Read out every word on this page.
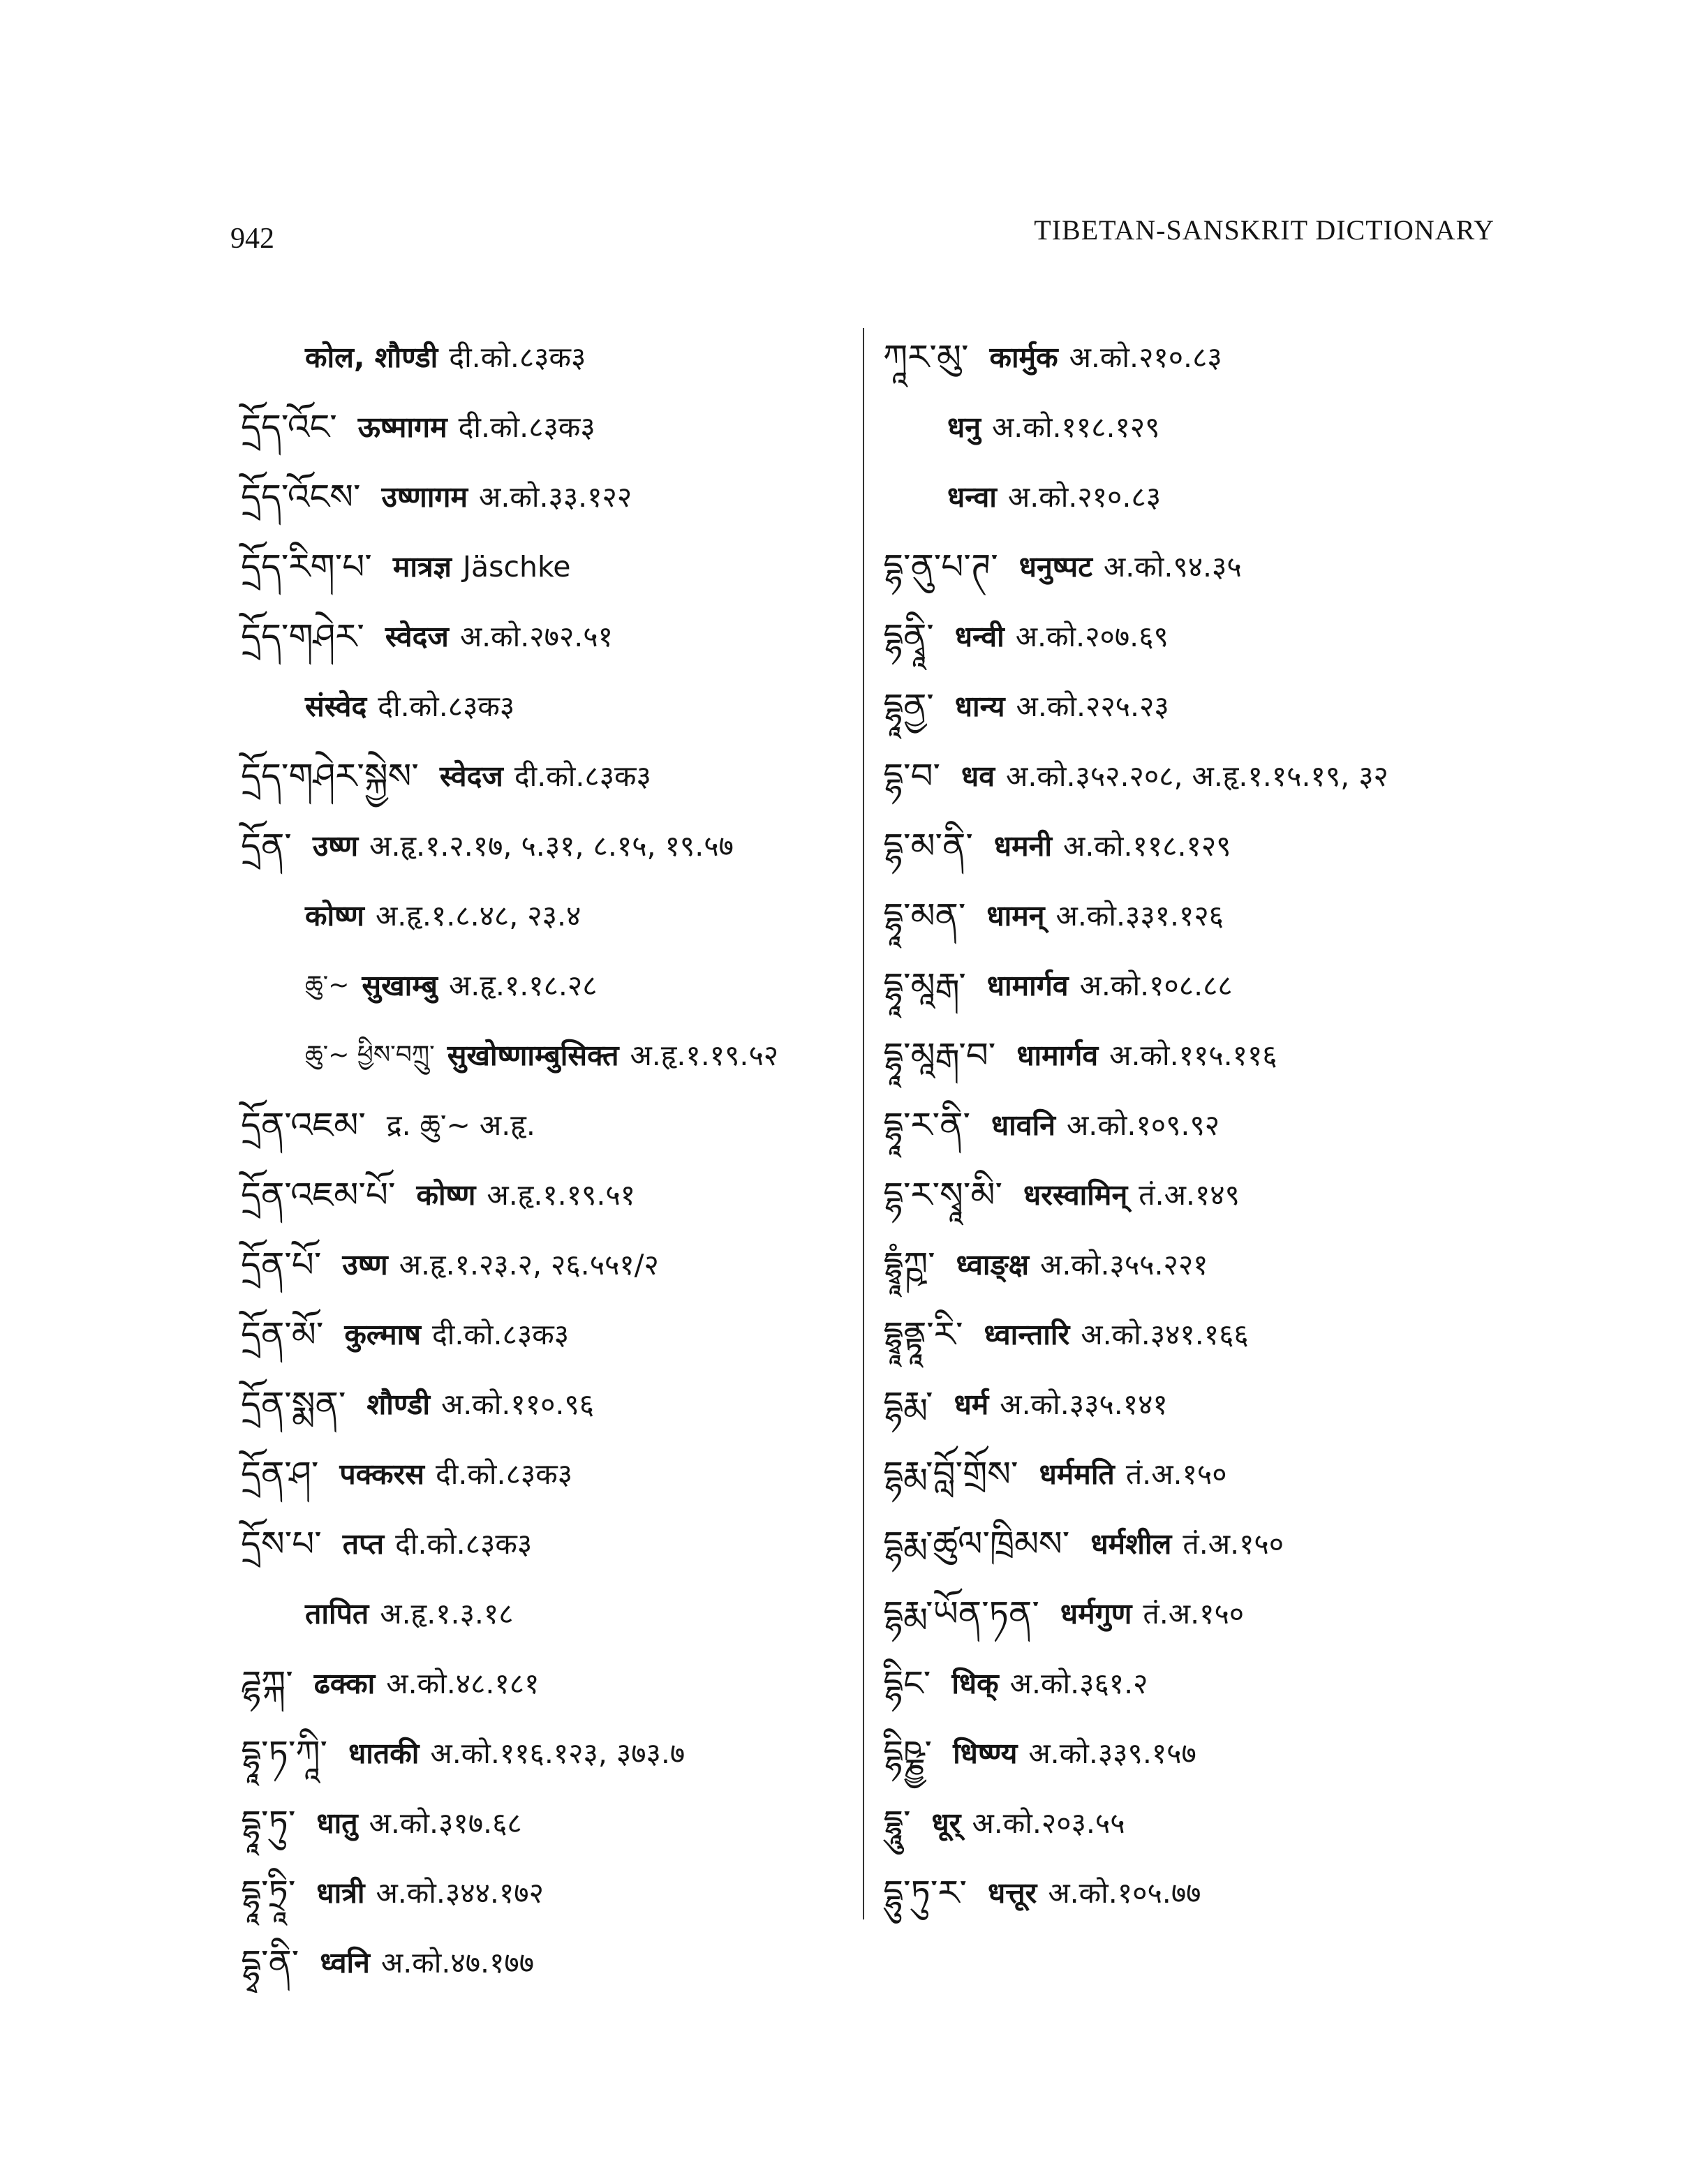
942	TIBETAN-SANSKRIT DICTIONARY
कोल, शौण्डी दी.को.८३क३
དྲོད་འོང་ ऊष्मागम दी.को.८३क३
དྲོད་འོངས་ उष्णागम अ.को.३३.१२२
དྲོད་རིག་པ་ मात्रज्ञ Jäschke
དྲོད་གཤེར་ स्वेदज अ.को.२७२.५१
संस्वेद दी.को.८३क३
དྲོད་གཤེར་སྐྱེས་ स्वेदज दी.को.८३क३
དྲོན་ उष्ण अ.हृ.१.२.१७, ५.३१, ८.१५, १९.५७
कोष्ण अ.हृ.१.८.४८, २३.४
ཆུ་~ सुखाम्बु अ.हृ.१.१८.२८
ཆུ་~ ཕྱིས་བཀྲུ་ सुखोष्णाम्बुसिक्त अ.हृ.१.१९.५२
དྲོན་འཇམ་ द्र. ཆུ་~ अ.हृ.
དྲོན་འཇམ་པོ་ कोष्ण अ.हृ.१.१९.५१
དྲོན་པོ་ उष्ण अ.हृ.१.२३.२, २६.५५१/२
དྲོན་མོ་ कुल्माष दी.को.८३क३
དྲོན་སྨན་ शौण्डी अ.को.११०.९६
དྲོན་ཤ་ पक्करस दी.को.८३क३
དྲོས་པ་ तप्त दी.को.८३क३
तापित अ.हृ.१.३.१८
ཌྷཀྐ་ ढक्का अ.को.४८.१८१
དྷཱ་ཏ་ཀཱི་ धातकी अ.को.११६.१२३, ३७३.७
དྷཱ་ཏུ་ धातु अ.को.३१७.६८
དྷཱ་ཏྲཱི་ धात्री अ.को.३४४.१७२
དྷྭ་ནི་ ध्वनि अ.को.४७.१७७
ཀཱར་མུ་ कार्मुक अ.को.२१०.८३
धनु अ.को.११८.१२९
धन्वा अ.को.२१०.८३
དྷ་ནུ་པ་ཊ་ धनुष्पट अ.को.९४.३५
དྷནྭཱི་ धन्वी अ.को.२०७.६९
དྷཱནྱ་ धान्य अ.को.२२५.२३
དྷ་བ་ धव अ.को.३५२.२०८, अ.हृ.१.१५.१९, ३२
དྷ་མ་ནི་ धमनी अ.को.११८.१२९
དྷཱ་མན་ धामन् अ.को.३३१.१२६
དྷཱ་མཱརྒ་ धामार्गव अ.को.१०८.८८
དྷཱ་མཱརྒ་བ་ धामार्गव अ.को.११५.११६
དྷཱ་ར་ནི་ धावनि अ.को.१०९.९२
དྷ་ར་སྭཱ་མི་ धरस्वामिन् तं.अ.१४९
དྷྭཱཾཀྵ་ ध्वाङ्क्ष अ.को.३५५.२२१
དྷྭཱནྟཱ་རི་ ध्वान्तारि अ.को.३४१.१६६
དྷརྨ་ धर्म अ.को.३३५.१४१
དྷརྨ་བློ་གྲོས་ धर्ममति तं.अ.१५०
དྷརྨ་ཚུལ་ཁྲིམས་ धर्मशील तं.अ.१५०
དྷརྨ་ཡོན་ཏན་ धर्मगुण तं.अ.१५०
དྷིང་ धिक् अ.को.३६१.२
དྷིཥྞྱ་ धिष्ण्य अ.को.३३९.१५७
དྷཱུ་ धूर् अ.को.२०३.५५
དྷུ་ཏུ་ར་ धत्तूर अ.को.१०५.७७
